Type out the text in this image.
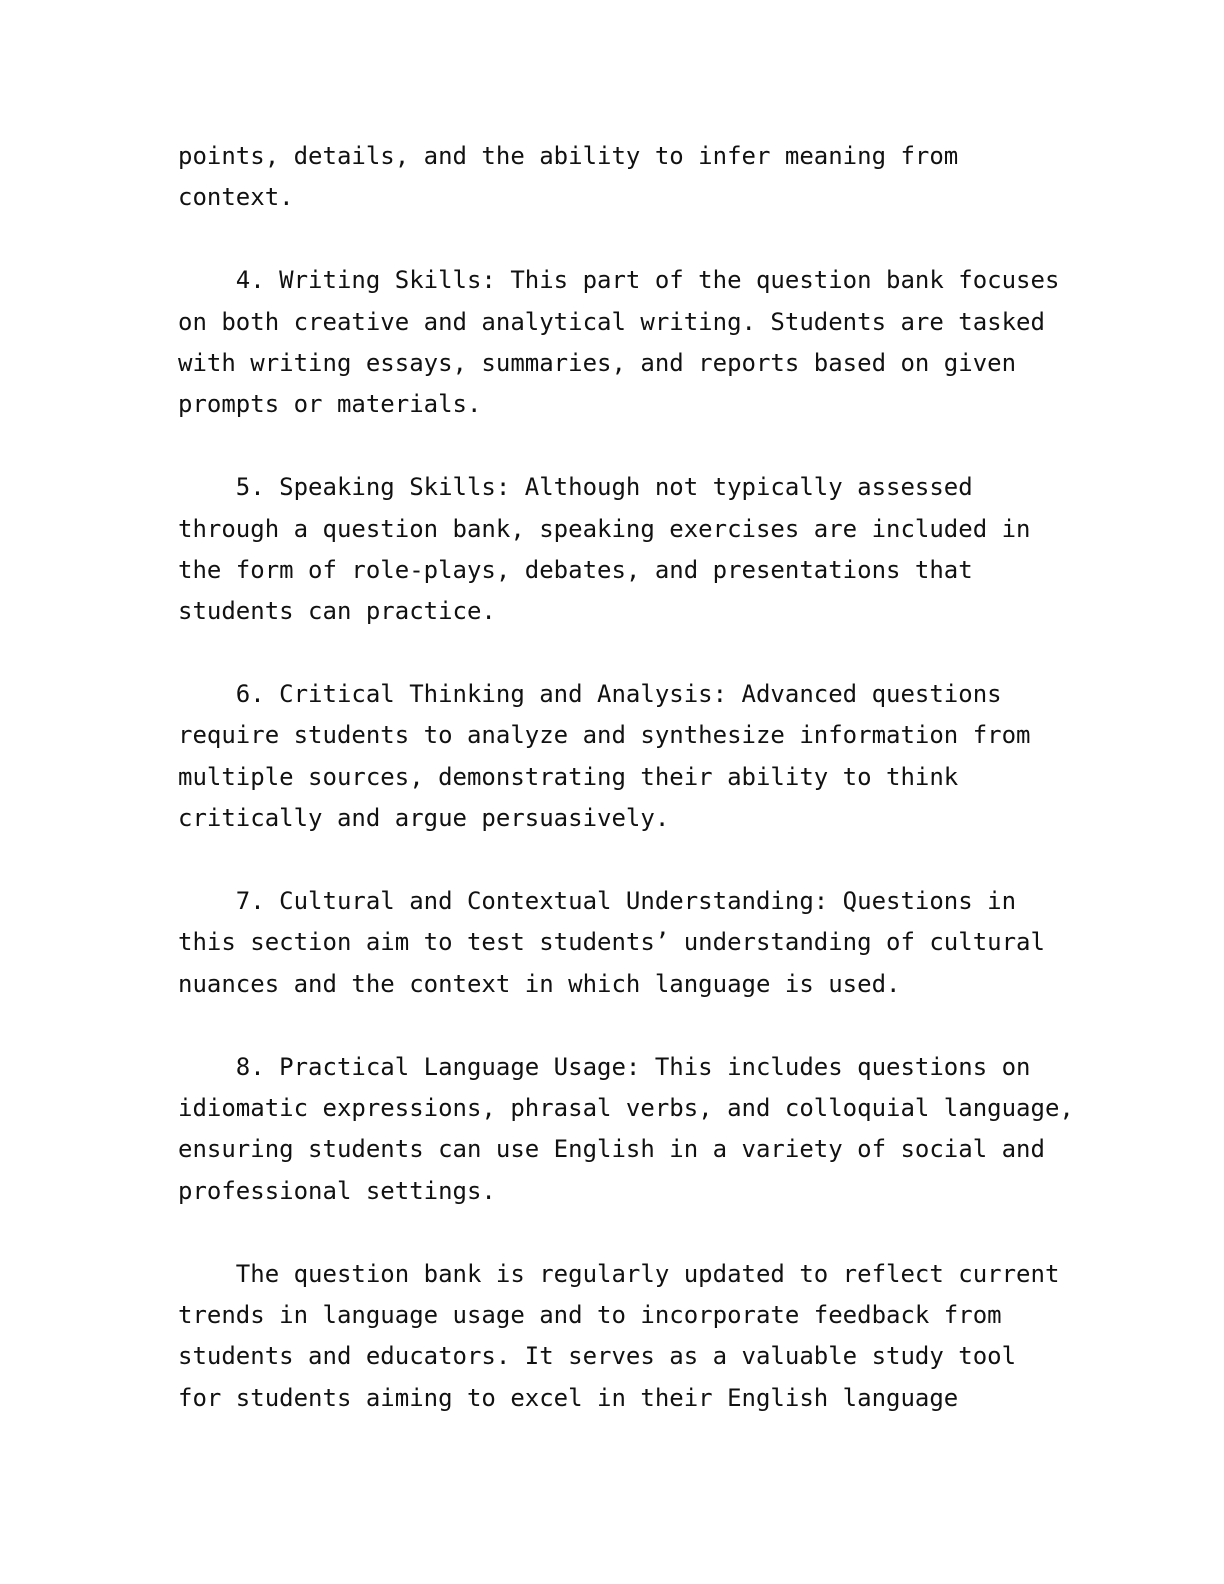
points, details, and the ability to infer meaning from
context.
4. Writing Skills: This part of the question bank focuses
on both creative and analytical writing. Students are tasked
with writing essays, summaries, and reports based on given
prompts or materials.
5. Speaking Skills: Although not typically assessed
through a question bank, speaking exercises are included in
the form of role-plays, debates, and presentations that
students can practice.
6. Critical Thinking and Analysis: Advanced questions
require students to analyze and synthesize information from
multiple sources, demonstrating their ability to think
critically and argue persuasively.
7. Cultural and Contextual Understanding: Questions in
this section aim to test students’ understanding of cultural
nuances and the context in which language is used.
8. Practical Language Usage: This includes questions on
idiomatic expressions, phrasal verbs, and colloquial language,
ensuring students can use English in a variety of social and
professional settings.
The question bank is regularly updated to reflect current
trends in language usage and to incorporate feedback from
students and educators. It serves as a valuable study tool
for students aiming to excel in their English language
